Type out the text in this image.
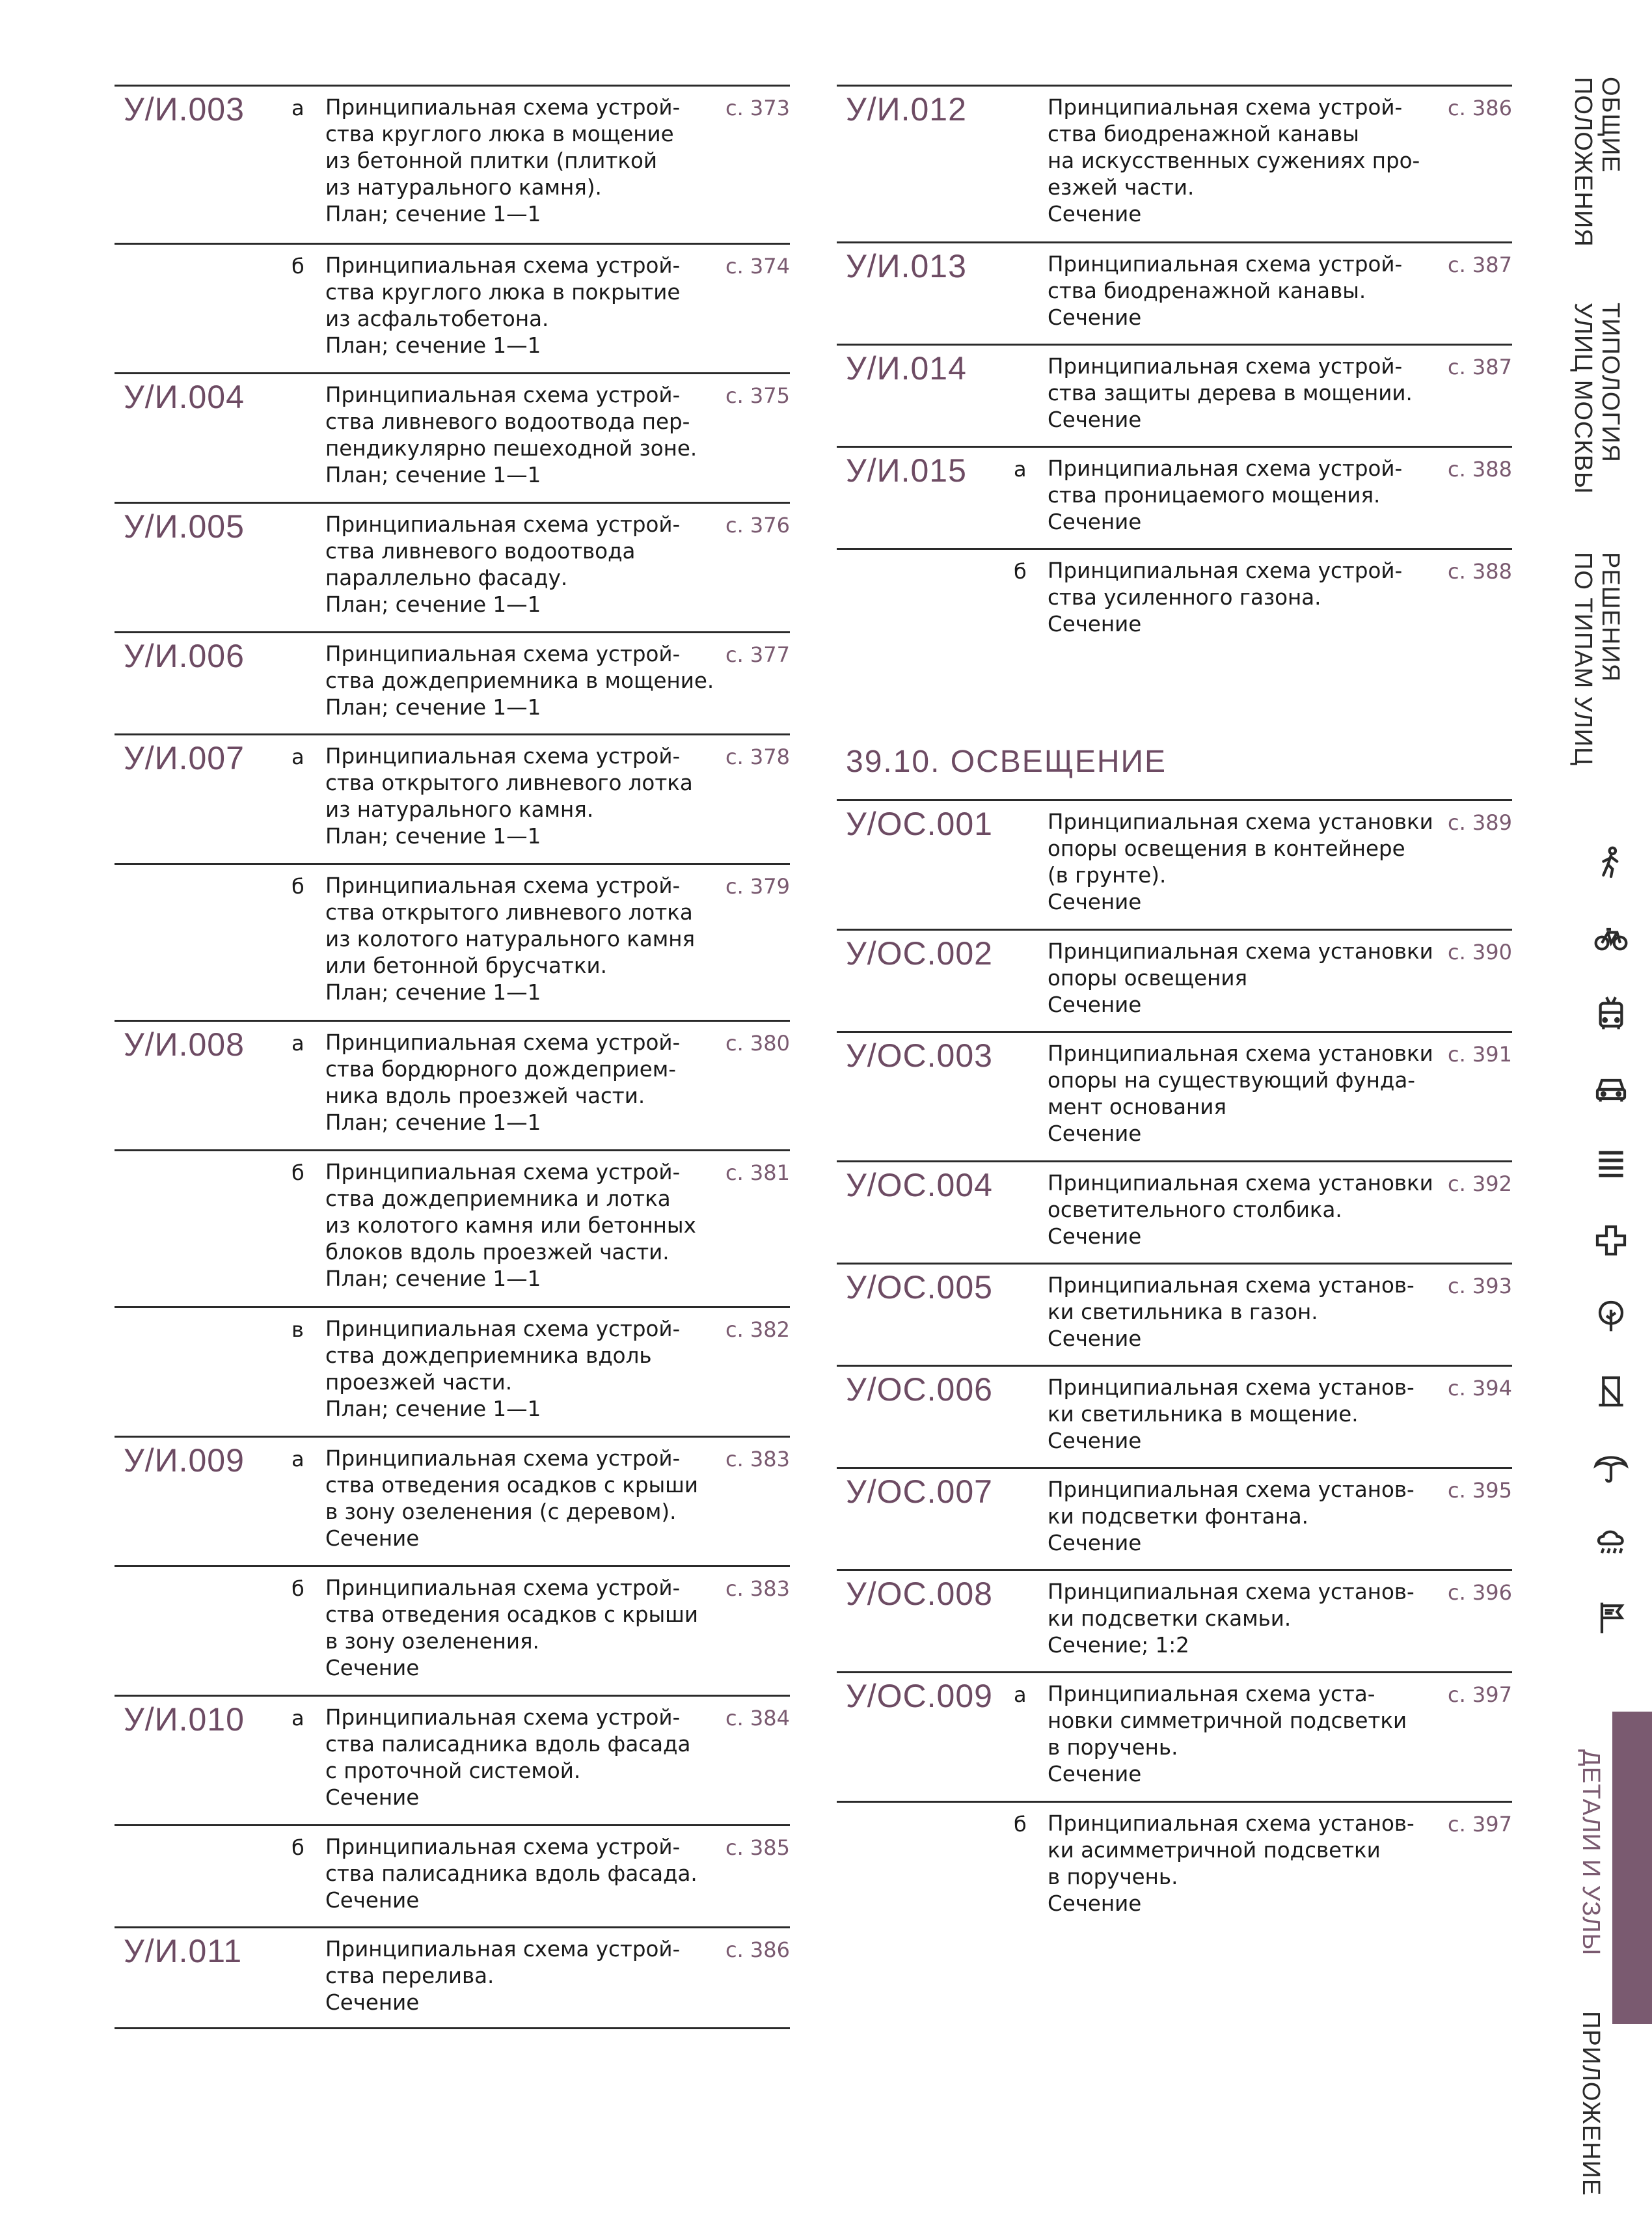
У/И.003 а Принципиальная схема устрой-
ства круглого люка в мощение
из бетонной плитки (плиткой
из натурального камня).
План; сечение 1—1
с. 373
б Принципиальная схема устрой-
ства круглого люка в покрытие
из асфальтобетона.
План; сечение 1—1
с. 374
У/И.004	Принципиальная схема устрой-
ства ливневого водоотвода пер-
пендикулярно пешеходной зоне.
План; сечение 1—1
с. 375
У/И.005	Принципиальная схема устрой-
ства ливневого водоотвода
параллельно фасаду.
План; сечение 1—1
с. 376
У/И.006	Принципиальная схема устрой-
ства дождеприемника в мощение.
План; сечение 1—1
с. 377
У/И.007 а Принципиальная схема устрой-
ства открытого ливневого лотка
из натурального камня.
План; сечение 1—1
с. 378
б Принципиальная схема устрой-
ства открытого ливневого лотка
из колотого натурального камня
или бетонной брусчатки.
План; сечение 1—1
с. 379
У/И.008 а Принципиальная схема устрой-
ства бордюрного дождеприем-
ника вдоль проезжей части.
План; сечение 1—1
с. 380
б Принципиальная схема устрой-
ства дождеприемника и лотка
из колотого камня или бетонных
блоков вдоль проезжей части.
План; сечение 1—1
с. 381
в Принципиальная схема устрой-
ства дождеприемника вдоль
проезжей части.
План; сечение 1—1
с. 382
У/И.009 а Принципиальная схема устрой-
ства отведения осадков с крыши
в зону озеленения (с деревом).
Сечение
с. 383
б Принципиальная схема устрой-
ства отведения осадков с крыши
в зону озеленения.
Сечение
с. 383
У/И.010 а Принципиальная схема устрой-
ства палисадника вдоль фасада
с проточной системой.
Сечение
с. 384
б Принципиальная схема устрой-
ства палисадника вдоль фасада.
Сечение
с. 385
У/И.011	Принципиальная схема устрой-
ства перелива.
Сечение
с. 386
У/И.012	Принципиальная схема устрой-
ства биодренажной канавы
на искусственных сужениях про-
езжей части.
Сечение
с. 386
У/И.013	Принципиальная схема устрой-
ства биодренажной канавы.
Сечение
с. 387
У/И.014	Принципиальная схема устрой-
ства защиты дерева в мощении.
Сечение
с. 387
У/И.015 а Принципиальная схема устрой-
ства проницаемого мощения.
Сечение
с. 388
б Принципиальная схема устрой-
ства усиленного газона.
Сечение
с. 388
У/ОС.001	Принципиальная схема установки
опоры освещения в контейнере
(в грунте).
Сечение
с. 389
У/ОС.002	Принципиальная схема установки
опоры освещения
Сечение
с. 390
У/ОС.003	Принципиальная схема установки
опоры на существующий фунда-
мент основания
Сечение
с. 391
У/ОС.004	Принципиальная схема установки
осветительного столбика.
Сечение
с. 392
У/ОС.005	Принципиальная схема установ-
ки светильника в газон.
Сечение
с. 393
У/ОС.006	Принципиальная схема установ-
ки светильника в мощение.
Сечение
с. 394
У/ОС.007	Принципиальная схема установ-
ки подсветки фонтана.
Сечение
с. 395
У/ОС.008	Принципиальная схема установ-
ки подсветки скамьи.
Сечение; 1:2
с. 396
У/ОС.009 а Принципиальная схема уста-
новки симметричной подсветки
в поручень.
Сечение
с. 397
б Принципиальная схема установ-
ки асимметричной подсветки
в поручень.
Сечение
с. 397
39.10. ОСВЕЩЕНИЕ
ОБЩИЕ
ПОЛОЖЕНИЯ
ТИПОЛОГИЯ
УЛИЦ МОСКВЫ
РЕШЕНИЯ
ПО ТИПАМ УЛИЦ
ДЕТАЛИ И УЗЛЫ
ПРИЛОЖЕНИЕ
